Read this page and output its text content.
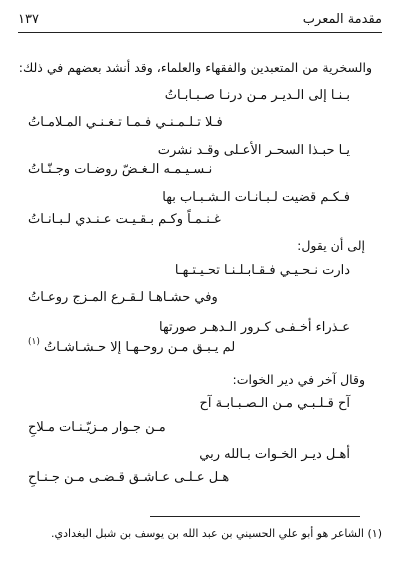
مقدمة المعرب
١٣٧
والسخرية من المتعبدين والفقهاء والعلماء، وقد أنشد بعضهم في ذلك:
بـنـا إلى الـديـر مـن درنـا صـبـابـاتُ
فـلا تـلـمـنـي فـمـا تـغـنـي المـلامـاتُ
يـا حبـذا السحـر الأعـلى وقـد نشرت
نـسـيـمـه الـغـضّ روضـات وجـنّـاتُ
فـكـم قضيت لـبـانـات الـشـبـاب بها
غـنـمـاً وكـم بـقـيـت عـنـدي لـبـانـاتُ
إلى أن يقول:
دارت نـحـيـي فـقـابـلـنـا تحـيـتـهـا
وفي حشـاهـا لـقـرع المـزج روعـاتُ
عـذراء أخـفـى كـرور الـدهـر صورتها
لم يـبـق مـن روحـهـا إلا حـشـاشـاتُ
(١)
وقال آخر في دير الخوات:
آح قـلـبـي مـن الـصـبـابـة آح
مـن جـوار مـزيّـنـات مـلاحِ
أهـل ديـر الخـوات بـالله ربي
هـل عـلـى عـاشـق قـضـى مـن جـنـاحِ
(١) الشاعر هو أبو علي الحسيني بن عبد الله بن يوسف بن شبل البغدادي.
